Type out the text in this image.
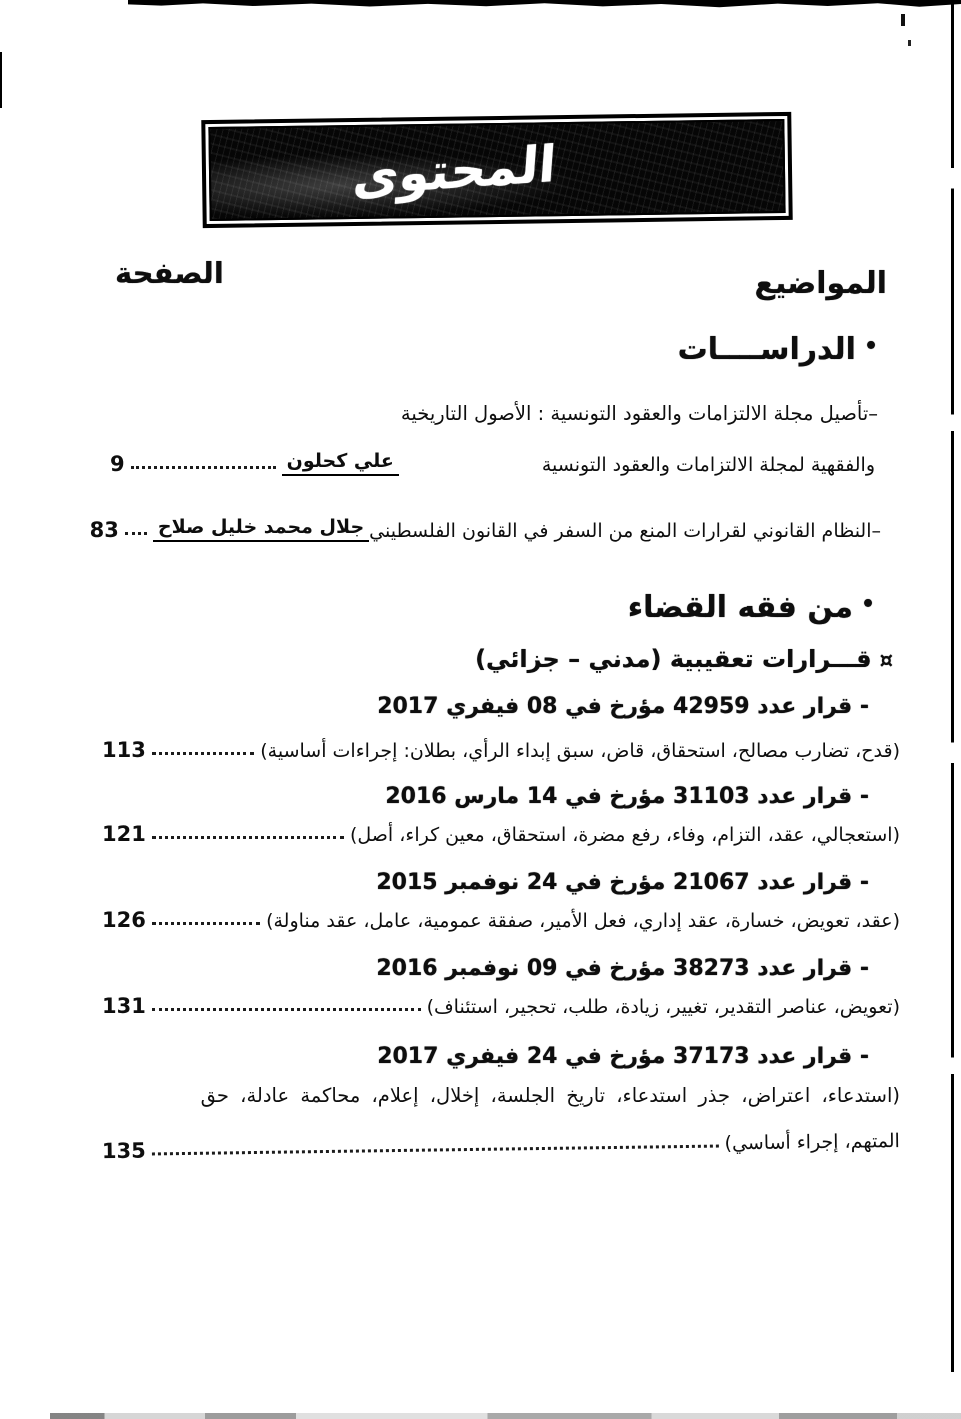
المحتوى
المواضيع
الصفحة
•الدراســــات
–تأصيل مجلة الالتزامات والعقود التونسية : الأصول التاريخية
والفقهية لمجلة الالتزامات والعقود التونسية
علي كحلون
9
–النظام القانوني لقرارات المنع من السفر في القانون الفلسطيني
جلال محمد خليل صلاح
83
•من فقه القضاء
¤قـــرارات تعقيبية (مدني – جزائي)
- قرار عدد 42959 مؤرخ في 08 فيفري 2017
(قدح، تضارب مصالح، استحقاق، قاض، سبق إبداء الرأي، بطلان: إجراءات أساسية)
113
- قرار عدد 31103 مؤرخ في 14 مارس 2016
(استعجالي، عقد، التزام، وفاء، رفع مضرة، استحقاق، معين كراء، أصل)
121
- قرار عدد 21067 مؤرخ في 24 نوفمبر 2015
(عقد، تعويض، خسارة، عقد إداري، فعل الأمير، صفقة عمومية، عامل، عقد مناولة)
126
- قرار عدد 38273 مؤرخ في 09 نوفمبر 2016
(تعويض، عناصر التقدير، تغيير، زيادة، طلب، تحجير، استئناف)
131
- قرار عدد 37173 مؤرخ في 24 فيفري 2017
(استدعاء، اعتراض، جذر استدعاء، تاريخ الجلسة، إخلال، إعلام، محاكمة عادلة، حق
المتهم، إجراء أساسي)
135
